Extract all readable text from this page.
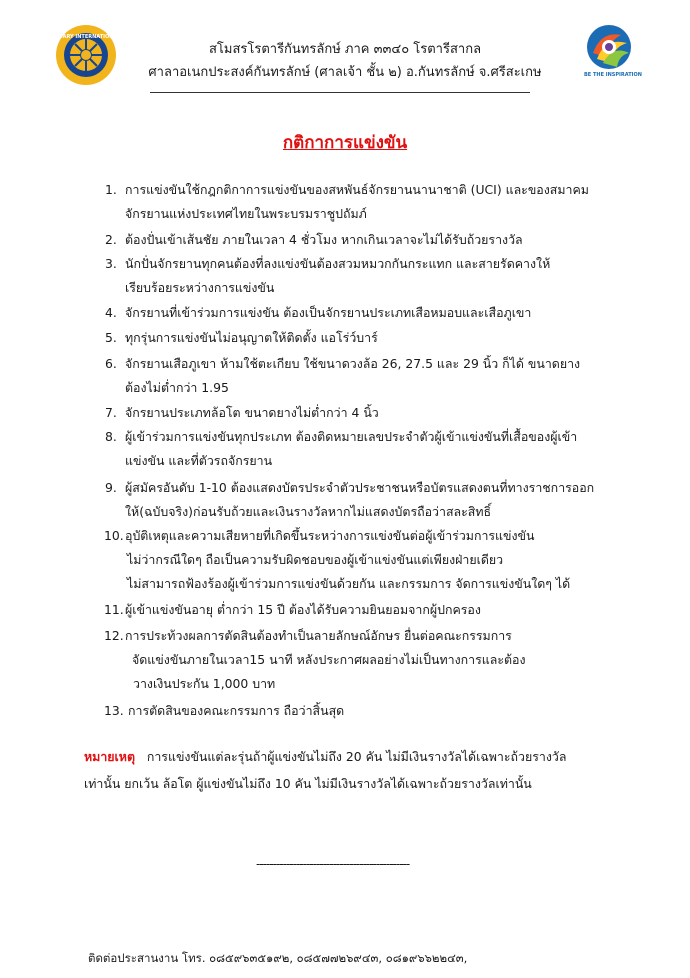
ROTARY INTERNATIONAL
สโมสรโรตารีกันทรลักษ์ ภาค ๓๓๔๐ โรตารีสากล
ศาลาอเนกประสงค์กันทรลักษ์ (ศาลเจ้า ชั้น ๒) อ.กันทรลักษ์ จ.ศรีสะเกษ	BE THE INSPIRATION
กติกาการแข่งขัน
1. การแข่งขันใช้กฎกติกาการแข่งขันของสหพันธ์จักรยานนานาชาติ (UCI) และของสมาคม
จักรยานแห่งประเทศไทยในพระบรมราชูปถัมภ์
2. ต้องปั่นเข้าเส้นชัย ภายในเวลา 4 ชั่วโมง หากเกินเวลาจะไม่ได้รับถ้วยรางวัล
3. นักปั่นจักรยานทุกคนต้องที่ลงแข่งขันต้องสวมหมวกกันกระแทก และสายรัดคางให้
เรียบร้อยระหว่างการแข่งขัน
4. จักรยานที่เข้าร่วมการแข่งขัน ต้องเป็นจักรยานประเภทเสือหมอบและเสือภูเขา
5. ทุกรุ่นการแข่งขันไม่อนุญาตให้ติดตั้ง แอโร่ว์บาร์
6. จักรยานเสือภูเขา ห้ามใช้ตะเกียบ ใช้ขนาดวงล้อ 26, 27.5 และ 29 นิ้ว ก็ได้ ขนาดยาง
ต้องไม่ต่ำกว่า 1.95
7. จักรยานประเภทล้อโต ขนาดยางไม่ต่ำกว่า 4 นิ้ว
8. ผู้เข้าร่วมการแข่งขันทุกประเภท ต้องติดหมายเลขประจำตัวผู้เข้าแข่งขันที่เสื้อของผู้เข้า
แข่งขัน และที่ตัวรถจักรยาน
9. ผู้สมัครอันดับ 1-10 ต้องแสดงบัตรประจำตัวประชาชนหรือบัตรแสดงตนที่ทางราชการออก
ให้(ฉบับจริง)ก่อนรับถ้วยและเงินรางวัลหากไม่แสดงบัตรถือว่าสละสิทธิ์
10. อุบัติเหตุและความเสียหายที่เกิดขึ้นระหว่างการแข่งขันต่อผู้เข้าร่วมการแข่งขัน
ไม่ว่ากรณีใดๆ ถือเป็นความรับผิดชอบของผู้เข้าแข่งขันแต่เพียงฝ่ายเดียว
ไม่สามารถฟ้องร้องผู้เข้าร่วมการแข่งขันด้วยกัน และกรรมการ จัดการแข่งขันใดๆ ได้
11. ผู้เข้าแข่งขันอายุ ต่ำกว่า 15 ปี ต้องได้รับความยินยอมจากผู้ปกครอง
12. การประท้วงผลการตัดสินต้องทำเป็นลายลักษณ์อักษร ยื่นต่อคณะกรรมการ
จัดแข่งขันภายในเวลา15 นาที หลังประกาศผลอย่างไม่เป็นทางการและต้อง
วางเงินประกัน 1,000 บาท
13. การตัดสินของคณะกรรมการ ถือว่าสิ้นสุด
หมายเหตุ การแข่งขันแต่ละรุ่นถ้าผู้แข่งขันไม่ถึง 20 คัน ไม่มีเงินรางวัลได้เฉพาะถ้วยรางวัล
เท่านั้น ยกเว้น ล้อโต ผู้แข่งขันไม่ถึง 10 คัน ไม่มีเงินรางวัลได้เฉพาะถ้วยรางวัลเท่านั้น
----------------------------------------------
ติดต่อประสานงาน โทร. ๐๘๕๙๖๓๕๑๙๒, ๐๘๕๗๗๒๖๙๔๓, ๐๘๑๙๖๖๒๒๔๓,
